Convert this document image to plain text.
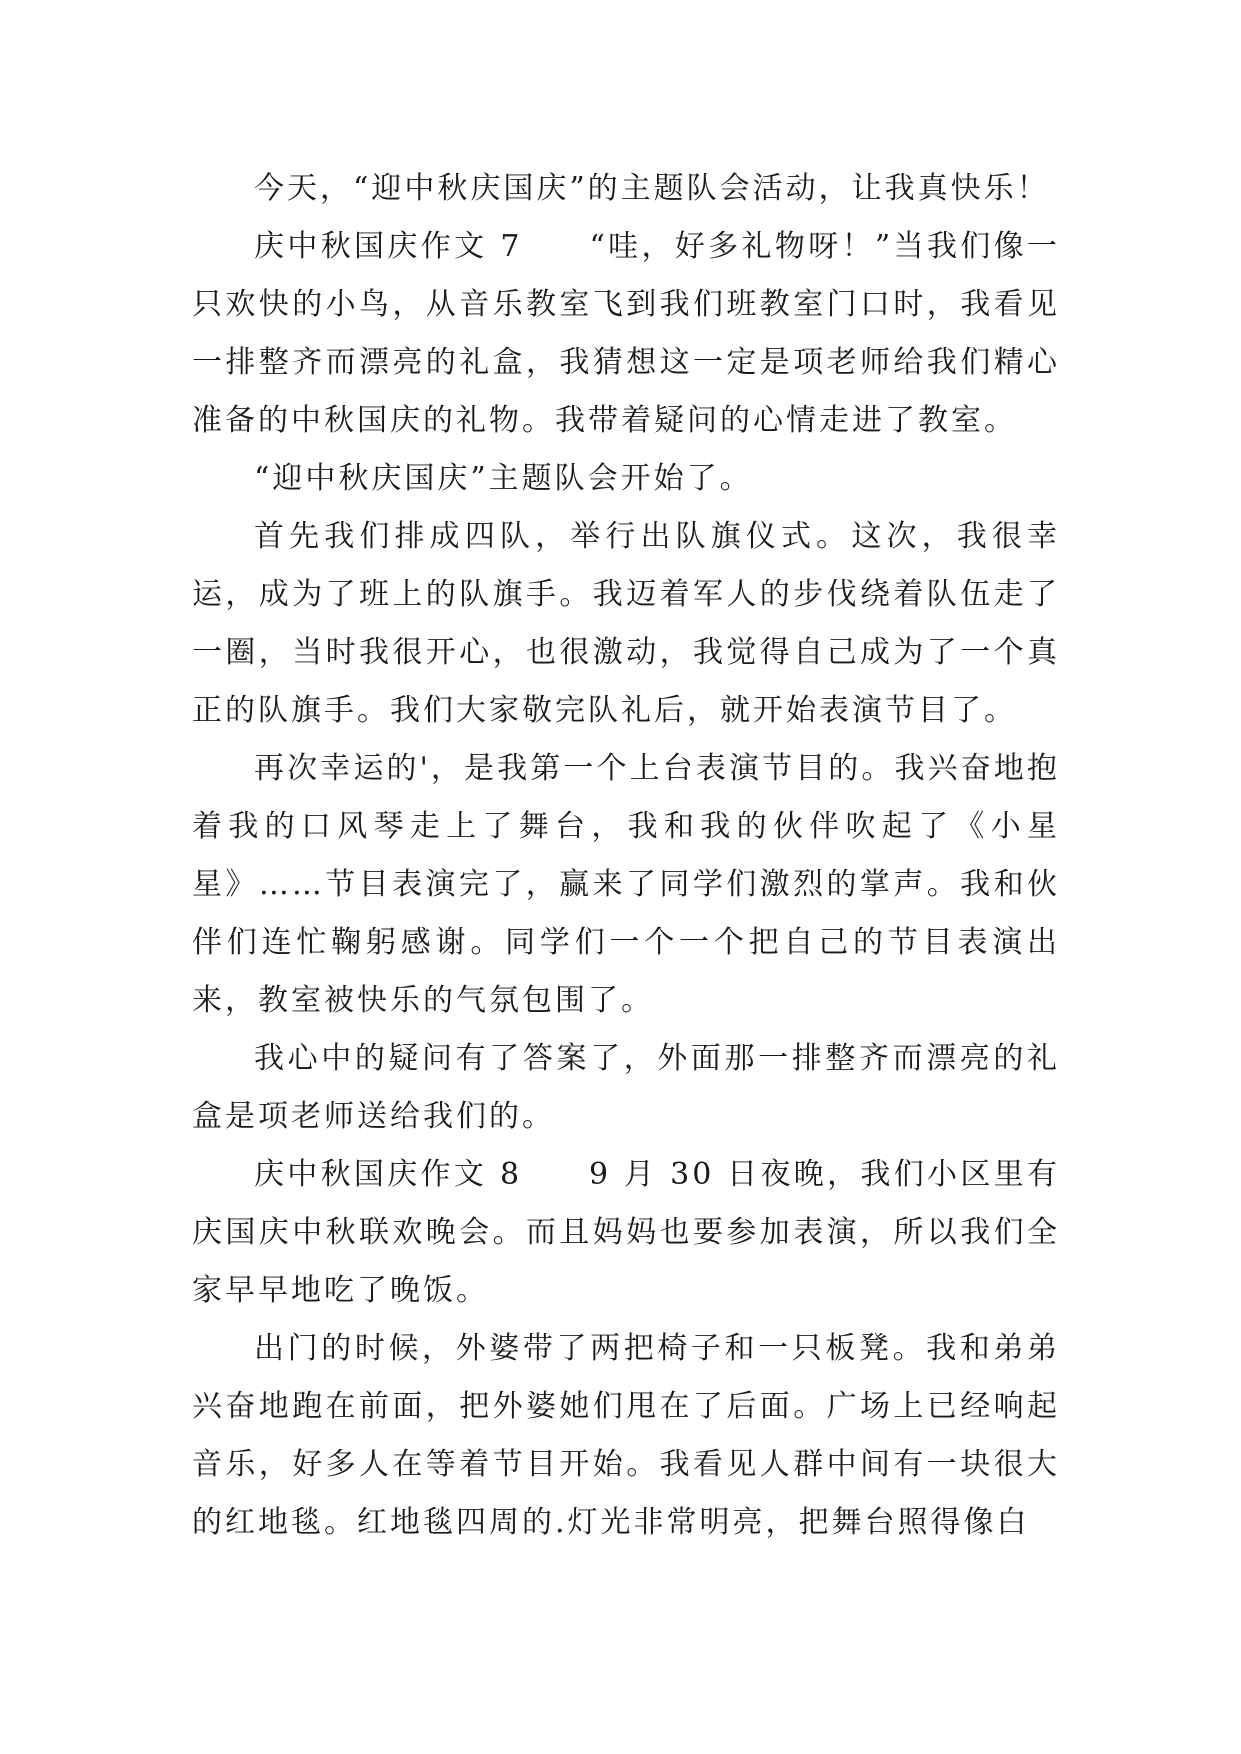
今天，“迎中秋庆国庆”的主题队会活动，让我真快乐！

庆中秋国庆作文 7　　“哇，好多礼物呀！”当我们像一只欢快的小鸟，从音乐教室飞到我们班教室门口时，我看见一排整齐而漂亮的礼盒，我猜想这一定是项老师给我们精心准备的中秋国庆的礼物。我带着疑问的心情走进了教室。

“迎中秋庆国庆”主题队会开始了。

首先我们排成四队，举行出队旗仪式。这次，我很幸运，成为了班上的队旗手。我迈着军人的步伐绕着队伍走了一圈，当时我很开心，也很激动，我觉得自己成为了一个真正的队旗手。我们大家敬完队礼后，就开始表演节目了。

再次幸运的'，是我第一个上台表演节目的。我兴奋地抱着我的口风琴走上了舞台，我和我的伙伴吹起了《小星星》……节目表演完了，赢来了同学们激烈的掌声。我和伙伴们连忙鞠躬感谢。同学们一个一个把自己的节目表演出来，教室被快乐的气氛包围了。

我心中的疑问有了答案了，外面那一排整齐而漂亮的礼盒是项老师送给我们的。

庆中秋国庆作文 8　　9 月 30 日夜晚，我们小区里有庆国庆中秋联欢晚会。而且妈妈也要参加表演，所以我们全家早早地吃了晚饭。

出门的时候，外婆带了两把椅子和一只板凳。我和弟弟兴奋地跑在前面，把外婆她们甩在了后面。广场上已经响起音乐，好多人在等着节目开始。我看见人群中间有一块很大的红地毯。红地毯四周的.灯光非常明亮，把舞台照得像白
